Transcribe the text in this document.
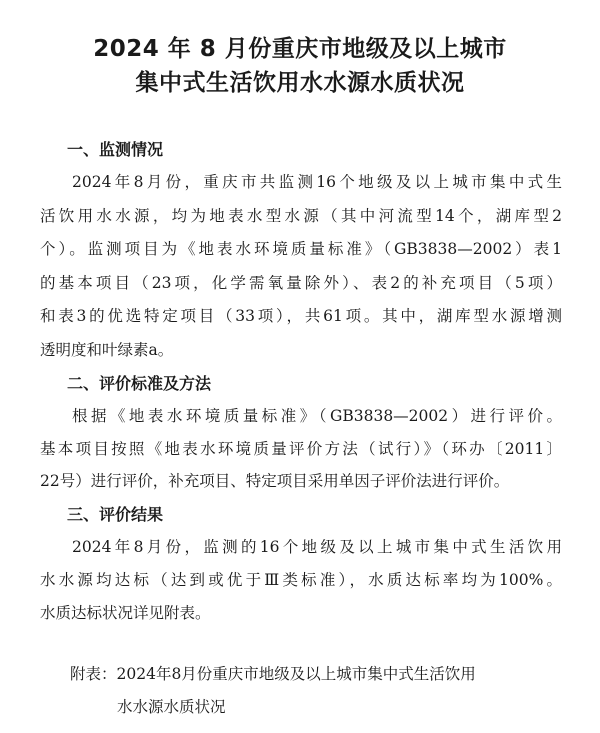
2024 年 8 月份重庆市地级及以上城市
集中式生活饮用水水源水质状况
一、监测情况
2024年8月份，重庆市共监测16个地级及以上城市集中式生
活饮用水水源，均为地表水型水源（其中河流型14个，湖库型2
个）。监测项目为《地表水环境质量标准》（GB3838—2002）表1
的基本项目（23项，化学需氧量除外）、表2的补充项目（5项）
和表3的优选特定项目（33项），共61项。其中，湖库型水源增测
透明度和叶绿素a。
二、评价标准及方法
根据《地表水环境质量标准》（GB3838—2002）进行评价。
基本项目按照《地表水环境质量评价方法（试行）》（环办〔2011〕
22号）进行评价，补充项目、特定项目采用单因子评价法进行评价。
三、评价结果
2024年8月份，监测的16个地级及以上城市集中式生活饮用
水水源均达标（达到或优于Ⅲ类标准），水质达标率均为100%。
水质达标状况详见附表。
附表：2024年8月份重庆市地级及以上城市集中式生活饮用
水水源水质状况
